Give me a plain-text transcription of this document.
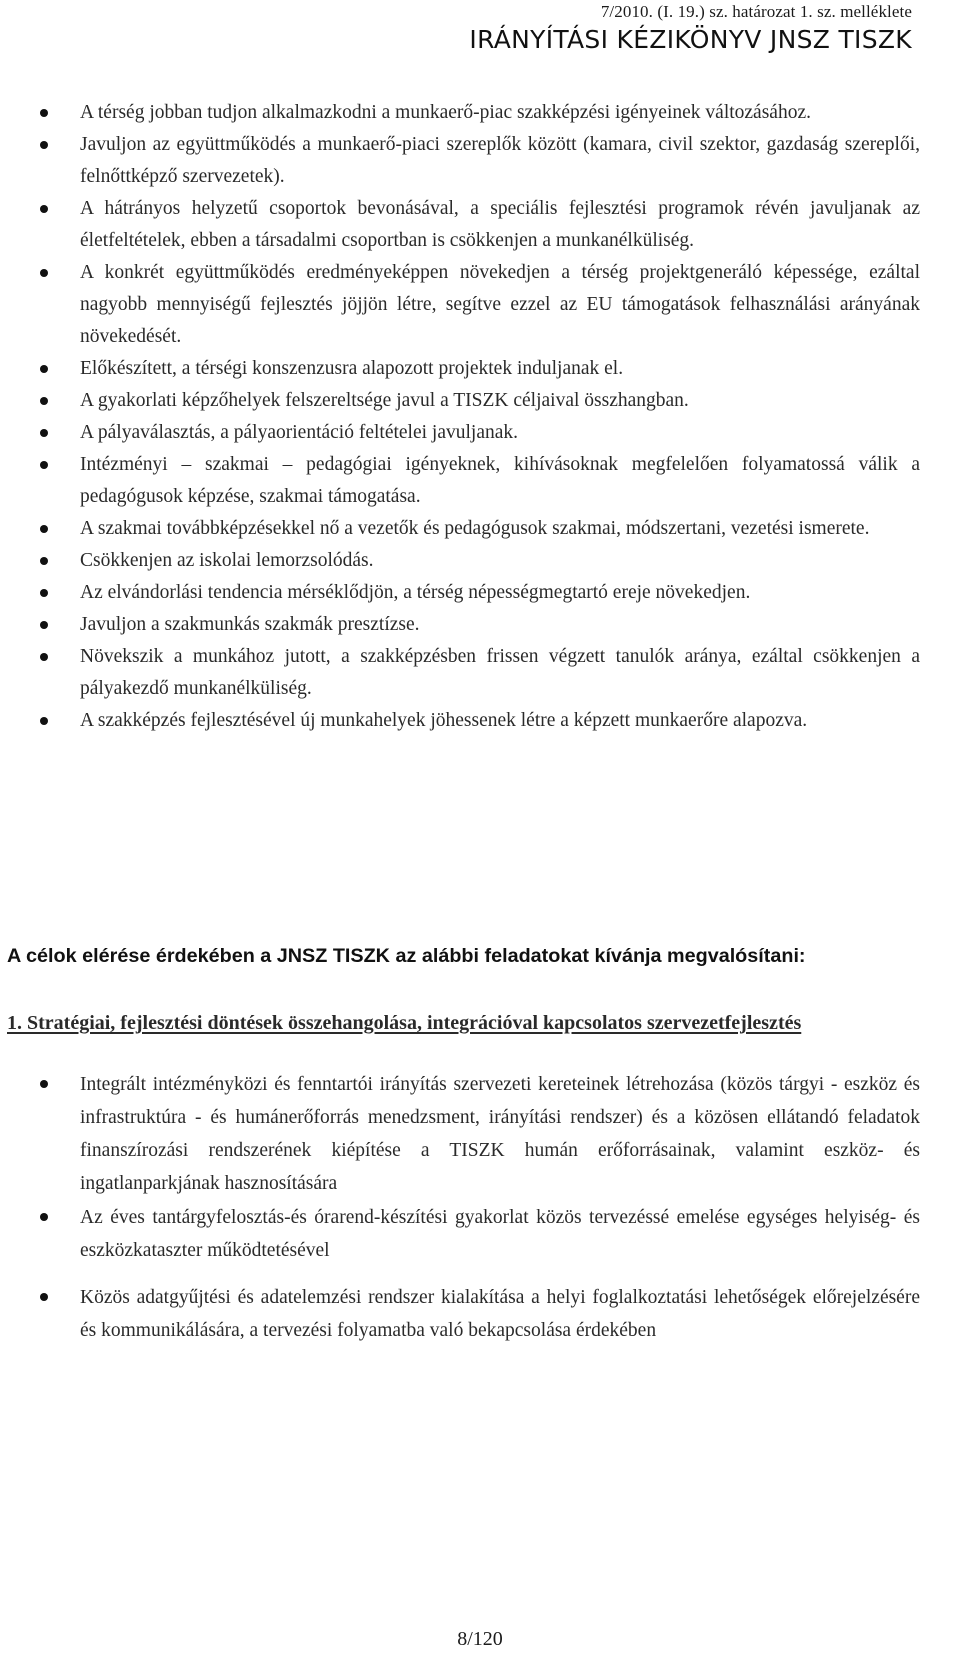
7/2010. (I. 19.) sz. határozat 1. sz. melléklete
IRÁNYÍTÁSI KÉZIKÖNYV JNSZ TISZK
A térség jobban tudjon alkalmazkodni a munkaerő-piac szakképzési igényeinek változásához.
Javuljon az együttműködés a munkaerő-piaci szereplők között (kamara, civil szektor, gazdaság szereplői, felnőttképző szervezetek).
A hátrányos helyzetű csoportok bevonásával, a speciális fejlesztési programok révén javuljanak az életfeltételek, ebben a társadalmi csoportban is csökkenjen a munkanélküliség.
A konkrét együttműködés eredményeképpen növekedjen a térség projektgeneráló képessége, ezáltal nagyobb mennyiségű fejlesztés jöjjön létre, segítve ezzel az EU támogatások felhasználási arányának növekedését.
Előkészített, a térségi konszenzusra alapozott projektek induljanak el.
A gyakorlati képzőhelyek felszereltsége javul a TISZK céljaival összhangban.
A pályaválasztás, a pályaorientáció feltételei javuljanak.
Intézményi – szakmai – pedagógiai igényeknek, kihívásoknak megfelelően folyamatossá válik a pedagógusok képzése, szakmai támogatása.
A szakmai továbbképzésekkel nő a vezetők és pedagógusok szakmai, módszertani, vezetési ismerete.
Csökkenjen az iskolai lemorzsolódás.
Az elvándorlási tendencia mérséklődjön, a térség népességmegtartó ereje növekedjen.
Javuljon a szakmunkás szakmák presztízse.
Növekszik a munkához jutott, a szakképzésben frissen végzett tanulók aránya, ezáltal csökkenjen a pályakezdő munkanélküliség.
A szakképzés fejlesztésével új munkahelyek jöhessenek létre a képzett munkaerőre alapozva.
A célok elérése érdekében a JNSZ TISZK az alábbi feladatokat kívánja megvalósítani:
1. Stratégiai, fejlesztési döntések összehangolása, integrációval kapcsolatos szervezetfejlesztés
Integrált intézményközi és fenntartói irányítás szervezeti kereteinek létrehozása (közös tárgyi - eszköz és infrastruktúra - és humánerőforrás menedzsment, irányítási rendszer) és a közösen ellátandó feladatok finanszírozási rendszerének kiépítése a TISZK humán erőforrásainak, valamint eszköz- és ingatlanparkjának hasznosítására
Az éves tantárgyfelosztás-és órarend-készítési gyakorlat közös tervezéssé emelése egységes helyiség- és eszközkataszter működtetésével
Közös adatgyűjtési és adatelemzési rendszer kialakítása a helyi foglalkoztatási lehetőségek előrejelzésére és kommunikálására, a tervezési folyamatba való bekapcsolása érdekében
8/120
